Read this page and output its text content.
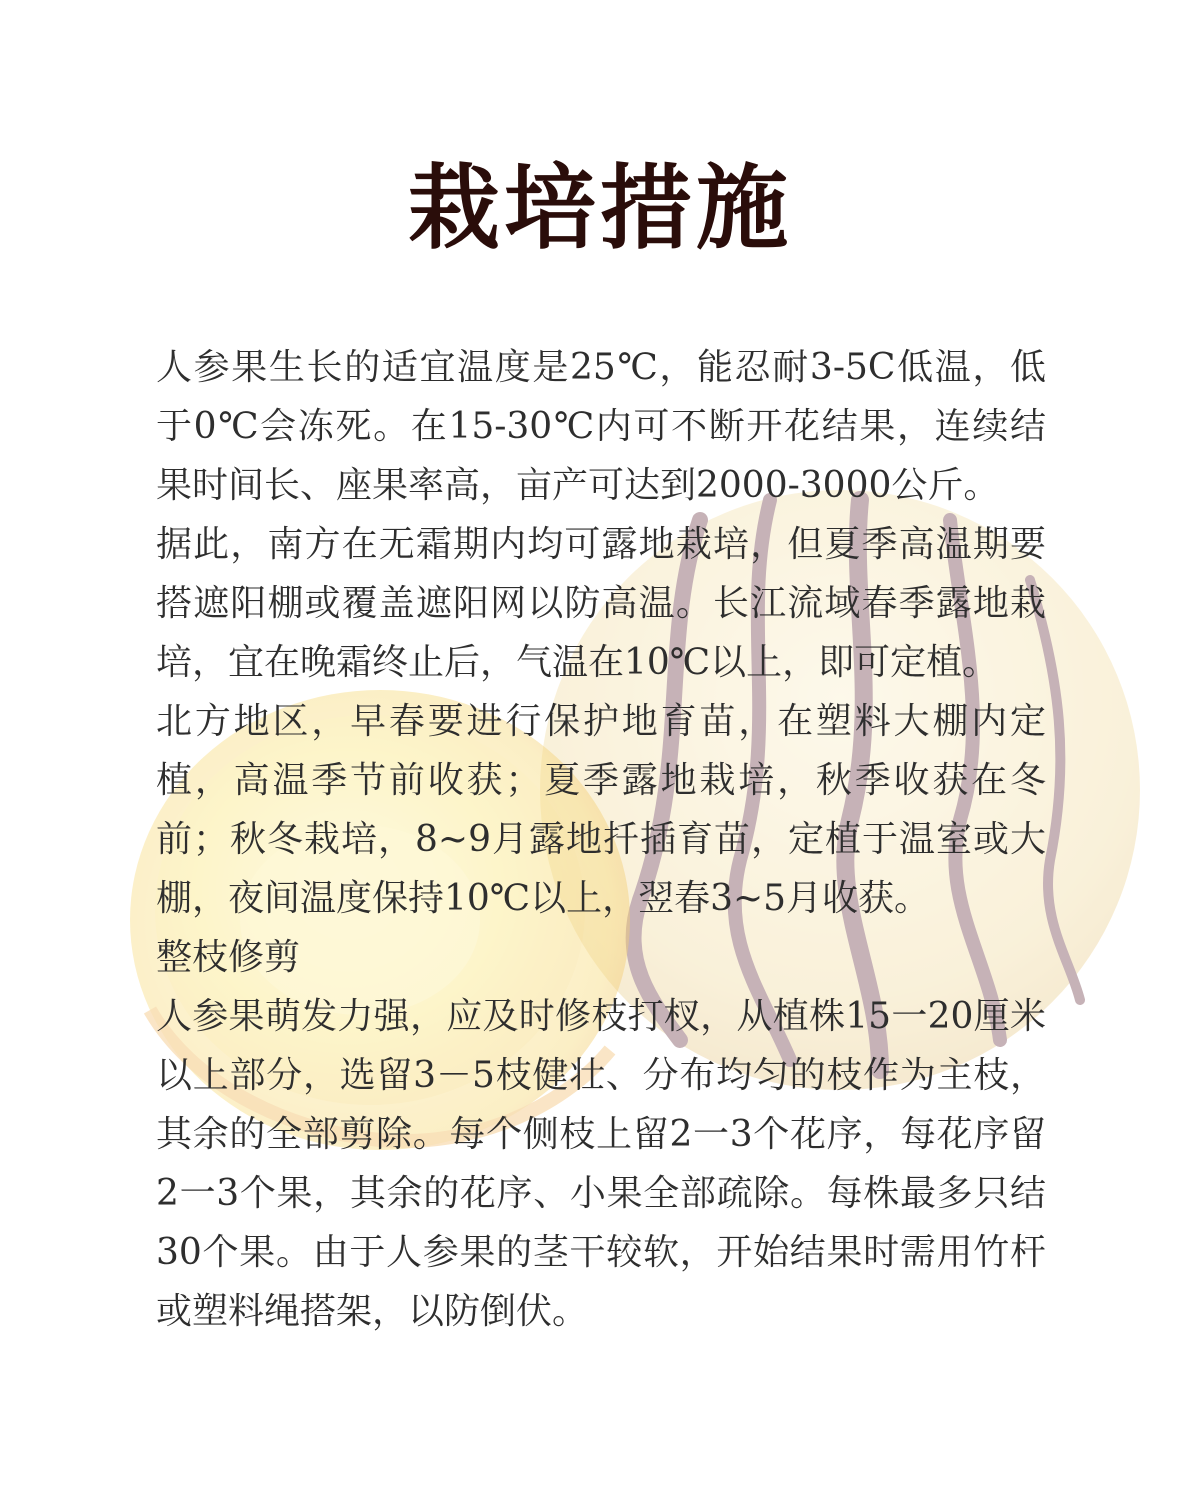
栽培措施

人参果生长的适宜温度是25℃，能忍耐3-5C低温，低于0℃会冻死。在15-30℃内可不断开花结果，连续结果时间长、座果率高，亩产可达到2000-3000公斤。

据此，南方在无霜期内均可露地栽培，但夏季高温期要搭遮阳棚或覆盖遮阳网以防高温。长江流域春季露地栽培，宜在晚霜终止后，气温在10℃以上，即可定植。

北方地区，早春要进行保护地育苗，在塑料大棚内定植，高温季节前收获；夏季露地栽培，秋季收获在冬前；秋冬栽培，8~9月露地扦插育苗，定植于温室或大棚，夜间温度保持10℃以上，翌春3~5月收获。

整枝修剪

人参果萌发力强，应及时修枝打杈，从植株15一20厘米以上部分，选留3－5枝健壮、分布均匀的枝作为主枝，其余的全部剪除。每个侧枝上留2一3个花序，每花序留2一3个果，其余的花序、小果全部疏除。每株最多只结30个果。由于人参果的茎干较软，开始结果时需用竹杆或塑料绳搭架，以防倒伏。
